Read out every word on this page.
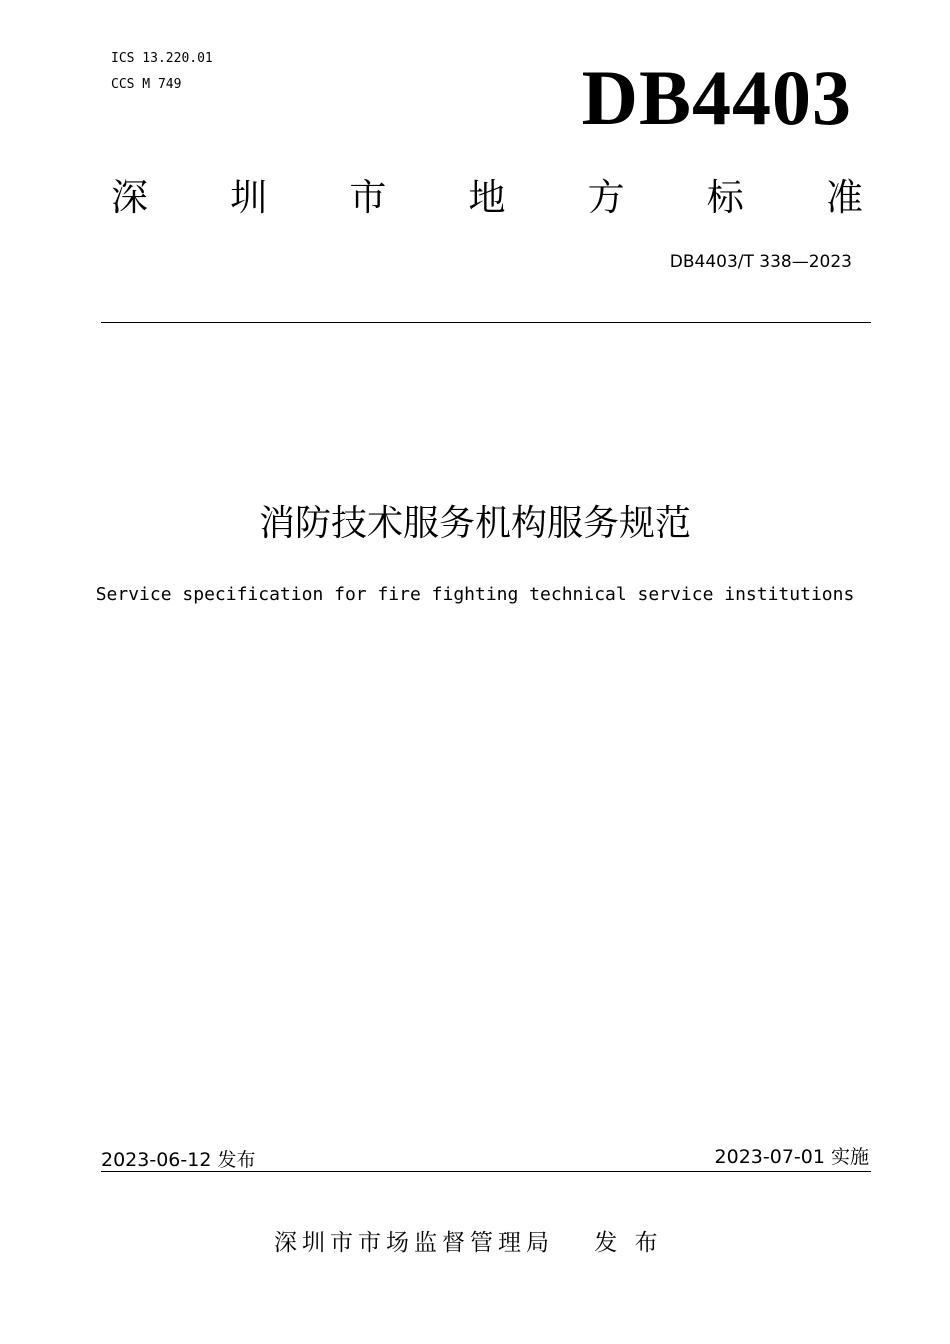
ICS 13.220.01
CCS M 749	DB4403
深 圳 市 地 方 标 准
DB4403/T 338—2023
消防技术服务机构服务规范
Service specification for fire fighting technical service institutions
2023-06-12 发布	2023-07-01 实施
深圳市市场监督管理局　 发 布
